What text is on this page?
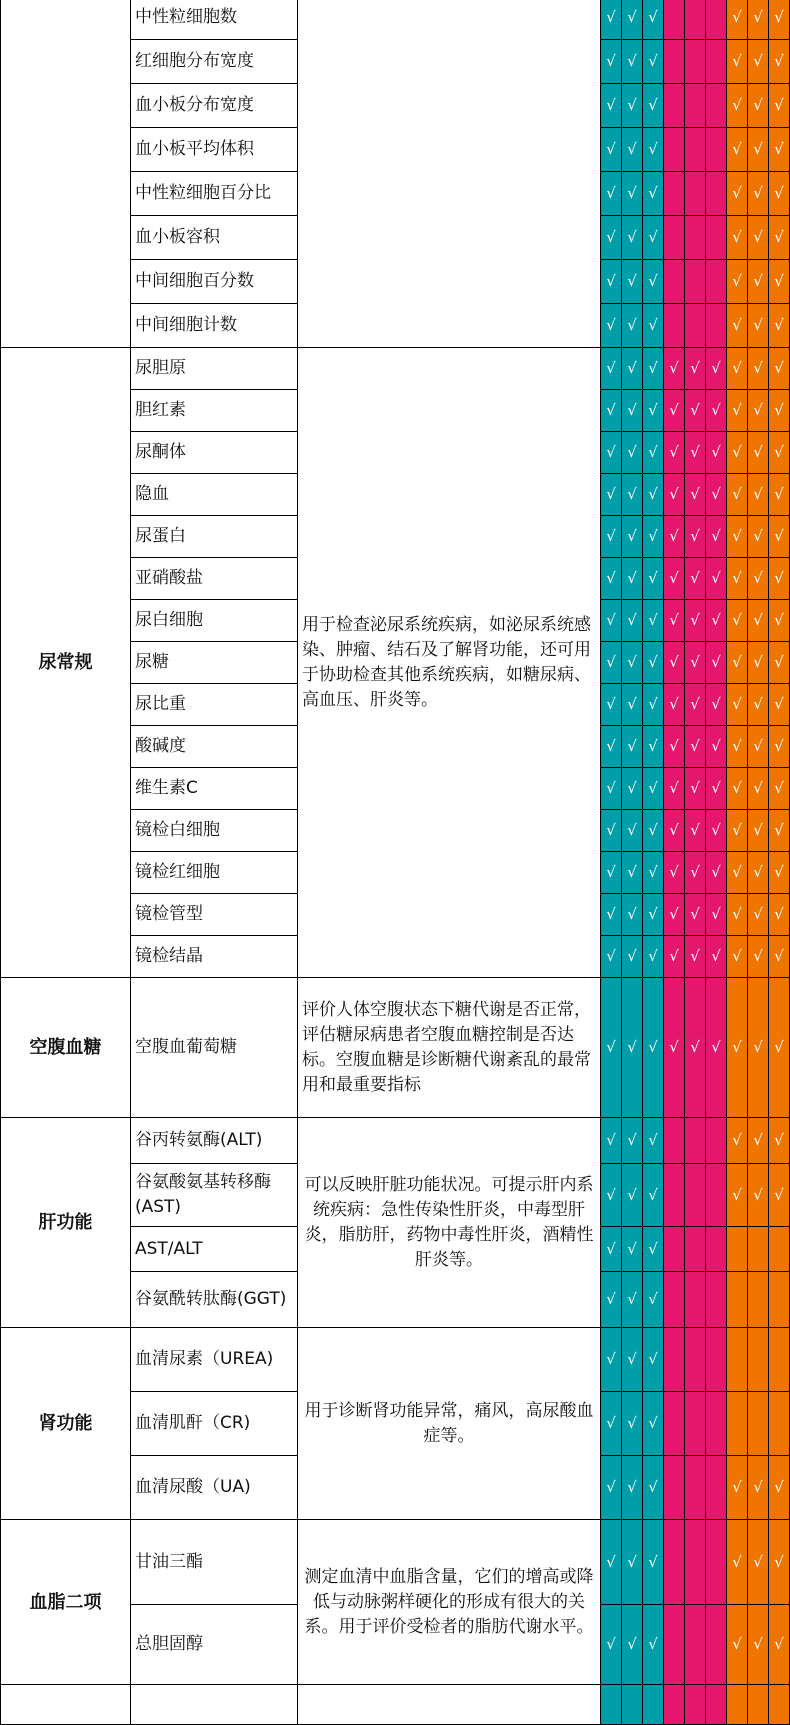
	中性粒细胞数		√	√	√				√	√	√
	红细胞分布宽度		√	√	√				√	√	√
	血小板分布宽度		√	√	√				√	√	√
	血小板平均体积		√	√	√				√	√	√
	中性粒细胞百分比		√	√	√				√	√	√
	血小板容积		√	√	√				√	√	√
	中间细胞百分数		√	√	√				√	√	√
	中间细胞计数		√	√	√				√	√	√
尿常规	尿胆原	用于检查泌尿系统疾病，如泌尿系统感染、肿瘤、结石及了解肾功能，还可用于协助检查其他系统疾病，如糖尿病、高血压、肝炎等。	√	√	√	√	√	√	√	√	√
	胆红素		√	√	√	√	√	√	√	√	√
	尿酮体		√	√	√	√	√	√	√	√	√
	隐血		√	√	√	√	√	√	√	√	√
	尿蛋白		√	√	√	√	√	√	√	√	√
	亚硝酸盐		√	√	√	√	√	√	√	√	√
	尿白细胞		√	√	√	√	√	√	√	√	√
	尿糖		√	√	√	√	√	√	√	√	√
	尿比重		√	√	√	√	√	√	√	√	√
	酸碱度		√	√	√	√	√	√	√	√	√
	维生素C		√	√	√	√	√	√	√	√	√
	镜检白细胞		√	√	√	√	√	√	√	√	√
	镜检红细胞		√	√	√	√	√	√	√	√	√
	镜检管型		√	√	√	√	√	√	√	√	√
	镜检结晶		√	√	√	√	√	√	√	√	√
空腹血糖	空腹血葡萄糖	评价人体空腹状态下糖代谢是否正常，评估糖尿病患者空腹血糖控制是否达标。空腹血糖是诊断糖代谢紊乱的最常用和最重要指标	√	√	√	√	√	√	√	√	√
肝功能	谷丙转氨酶(ALT)	可以反映肝脏功能状况。可提示肝内系统疾病：急性传染性肝炎，中毒型肝炎，脂肪肝，药物中毒性肝炎，酒精性肝炎等。	√	√	√				√	√	√
	谷氨酸氨基转移酶(AST)		√	√	√				√	√	√
	AST/ALT		√	√	√						
	谷氨酰转肽酶(GGT)		√	√	√						
肾功能	血清尿素（UREA)	用于诊断肾功能异常，痛风，高尿酸血症等。	√	√	√						
	血清肌酐（CR)		√	√	√						
	血清尿酸（UA)		√	√	√				√	√	√
血脂二项	甘油三酯	测定血清中血脂含量，它们的增高或降低与动脉粥样硬化的形成有很大的关系。用于评价受检者的脂肪代谢水平。	√	√	√				√	√	√
	总胆固醇		√	√	√				√	√	√
